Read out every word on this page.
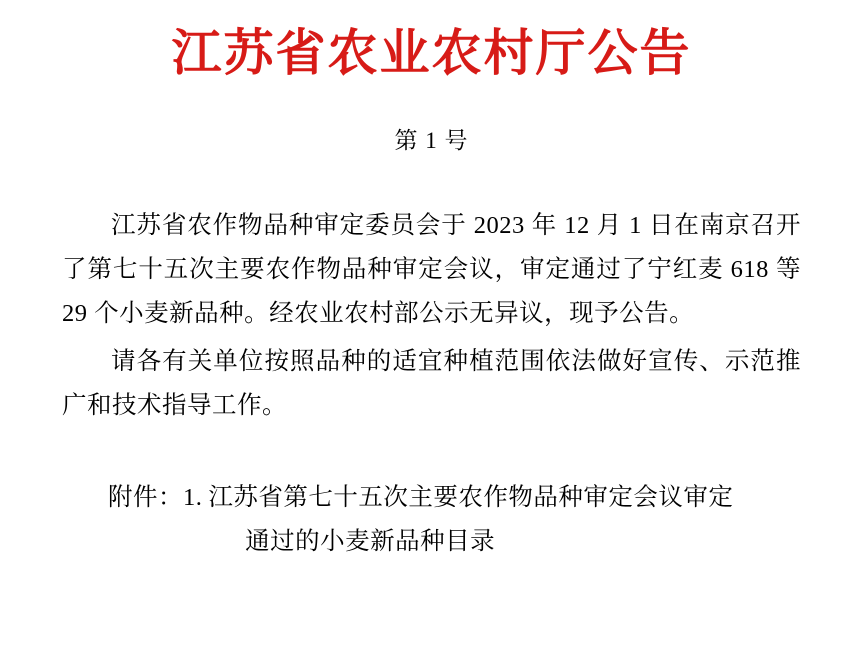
江苏省农业农村厅公告
第 1 号

江苏省农作物品种审定委员会于 2023 年 12 月 1 日在南京召开了第七十五次主要农作物品种审定会议，审定通过了宁红麦 618 等 29 个小麦新品种。经农业农村部公示无异议，现予公告。

请各有关单位按照品种的适宜种植范围依法做好宣传、示范推广和技术指导工作。

附件： 1. 江苏省第七十五次主要农作物品种审定会议审定
通过的小麦新品种目录
